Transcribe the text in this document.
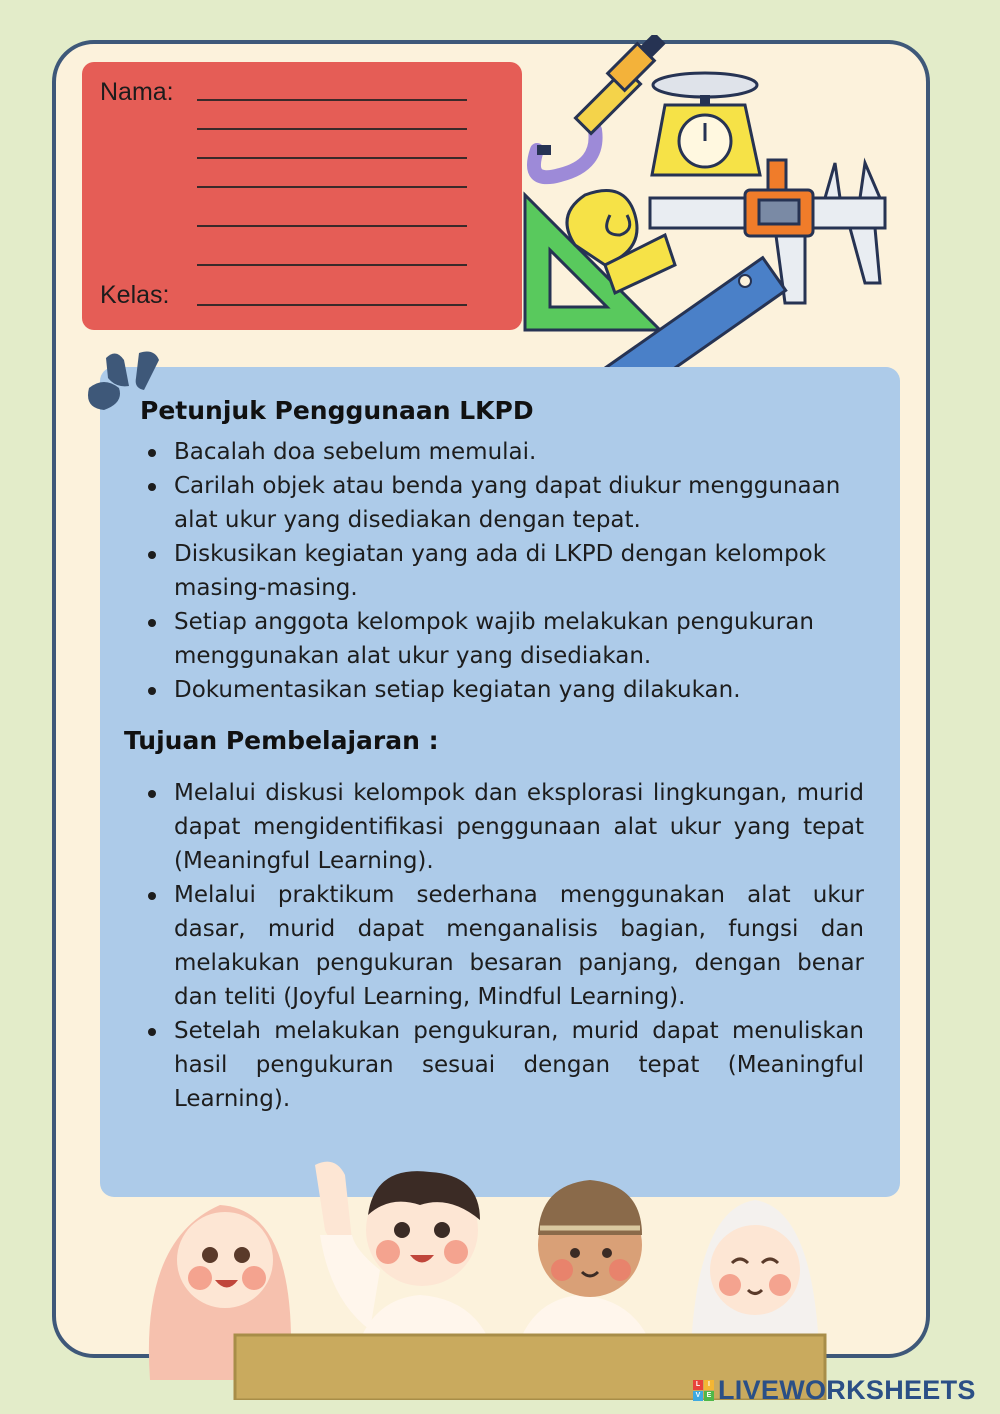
Nama:
Kelas:
Petunjuk Penggunaan LKPD
Bacalah doa sebelum memulai.
Carilah objek atau benda yang dapat diukur menggunaan alat ukur yang disediakan dengan tepat.
Diskusikan kegiatan yang ada di LKPD dengan kelompok masing-masing.
Setiap anggota kelompok wajib melakukan pengukuran menggunakan alat ukur yang disediakan.
Dokumentasikan setiap kegiatan yang dilakukan.
Tujuan Pembelajaran :
Melalui diskusi kelompok dan eksplorasi lingkungan, murid dapat mengidentifikasi penggunaan alat ukur yang tepat (Meaningful Learning).
Melalui praktikum sederhana menggunakan alat ukur dasar, murid dapat menganalisis bagian, fungsi dan melakukan pengukuran besaran panjang, dengan benar dan teliti (Joyful Learning, Mindful Learning).
Setelah melakukan pengukuran, murid dapat menuliskan hasil pengukuran sesuai dengan tepat (Meaningful Learning).
L	I
V E LIVEWORKSHEETS
